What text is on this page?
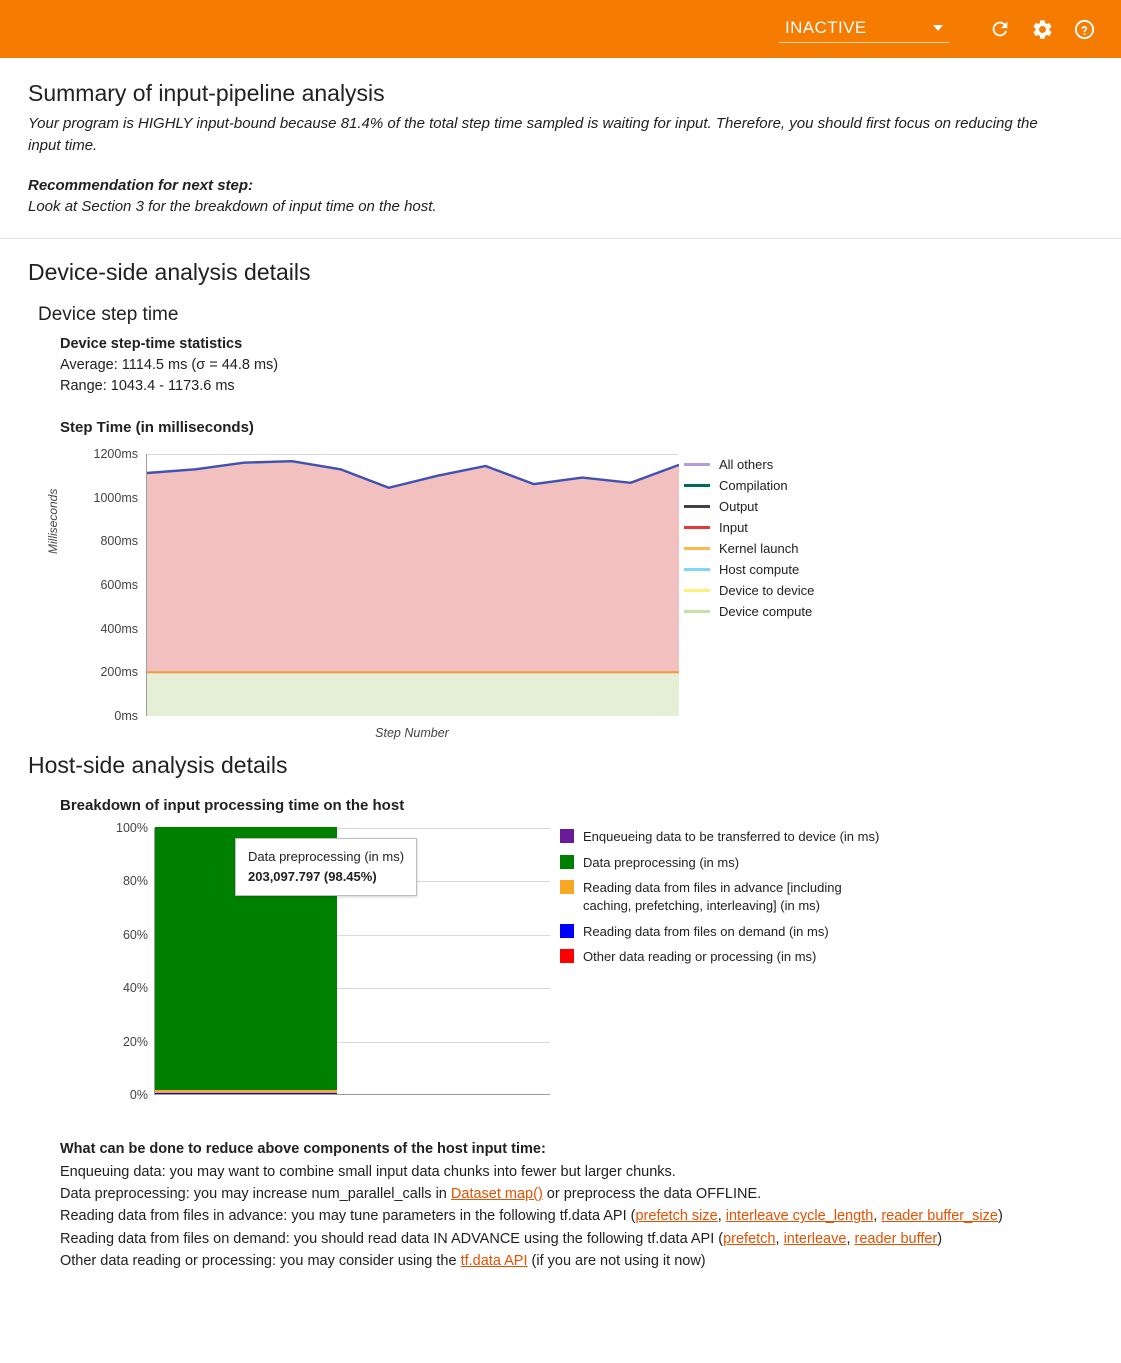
INACTIVE
Summary of input-pipeline analysis

Your program is HIGHLY input-bound because 81.4% of the total step time sampled is waiting for input. Therefore, you should first focus on reducing the input time.

Recommendation for next step:

Look at Section 3 for the breakdown of input time on the host.

Device-side analysis details
Device step time
Device step-time statistics
Average: 1114.5 ms (σ = 44.8 ms)
Range: 1043.4 - 1173.6 ms
Step Time (in milliseconds)
Milliseconds
0ms
200ms
400ms
600ms
800ms
1000ms
1200ms
Step Number
All others
Compilation
Output
Input
Kernel launch
Host compute
Device to device
Device compute
Host-side analysis details
Breakdown of input processing time on the host
0%
20%
40%
60%
80%
100%
Data preprocessing (in ms)
203,097.797 (98.45%)
Enqueueing data to be transferred to device (in ms)
Data preprocessing (in ms)
Reading data from files in advance [including caching, prefetching, interleaving] (in ms)
Reading data from files on demand (in ms)
Other data reading or processing (in ms)
What can be done to reduce above components of the host input time:
Enqueuing data: you may want to combine small input data chunks into fewer but larger chunks.
Data preprocessing: you may increase num_parallel_calls in Dataset map() or preprocess the data OFFLINE.
Reading data from files in advance: you may tune parameters in the following tf.data API (prefetch size, interleave cycle_length, reader buffer_size)
Reading data from files on demand: you should read data IN ADVANCE using the following tf.data API (prefetch, interleave, reader buffer)
Other data reading or processing: you may consider using the tf.data API (if you are not using it now)
